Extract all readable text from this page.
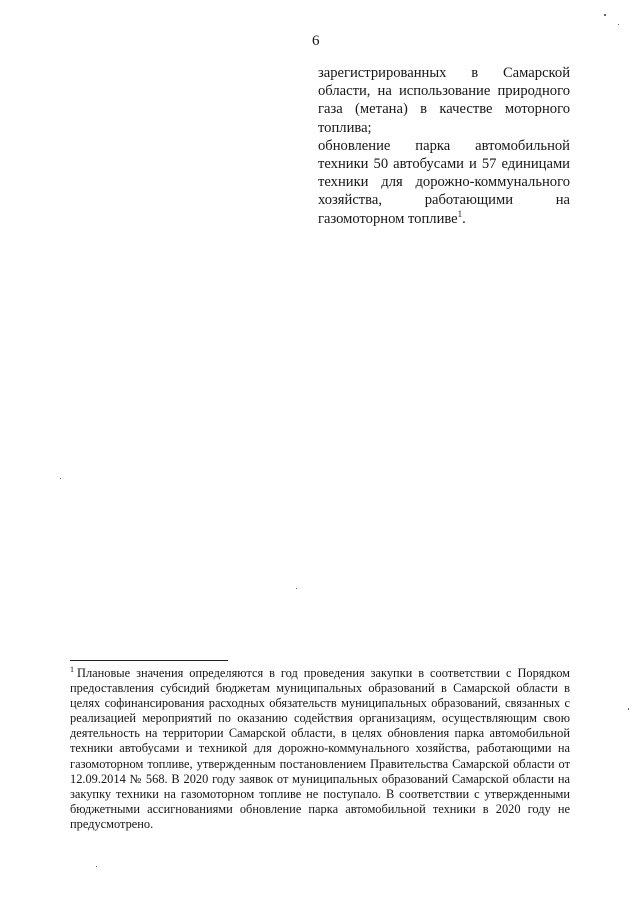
6

зарегистрированных в Самарской области, на использование природного газа (метана) в качестве моторного топлива;

обновление парка автомобильной техники 50 автобусами и 57 единицами техники для дорожно-коммунального хозяйства, работающими на газомоторном топливе$^1$.

$^1$ Плановые значения определяются в год проведения закупки в соответствии с Порядком предоставления субсидий бюджетам муниципальных образований в Самарской области в целях софинансирования расходных обязательств муниципальных образований, связанных с реализацией мероприятий по оказанию содействия организациям, осуществляющим свою деятельность на территории Самарской области, в целях обновления парка автомобильной техники автобусами и техникой для дорожно-коммунального хозяйства, работающими на газомоторном топливе, утвержденным постановлением Правительства Самарской области от 12.09.2014 № 568. В 2020 году заявок от муниципальных образований Самарской области на закупку техники на газомоторном топливе не поступало. В соответствии с утвержденными бюджетными ассигнованиями обновление парка автомобильной техники в 2020 году не предусмотрено.
